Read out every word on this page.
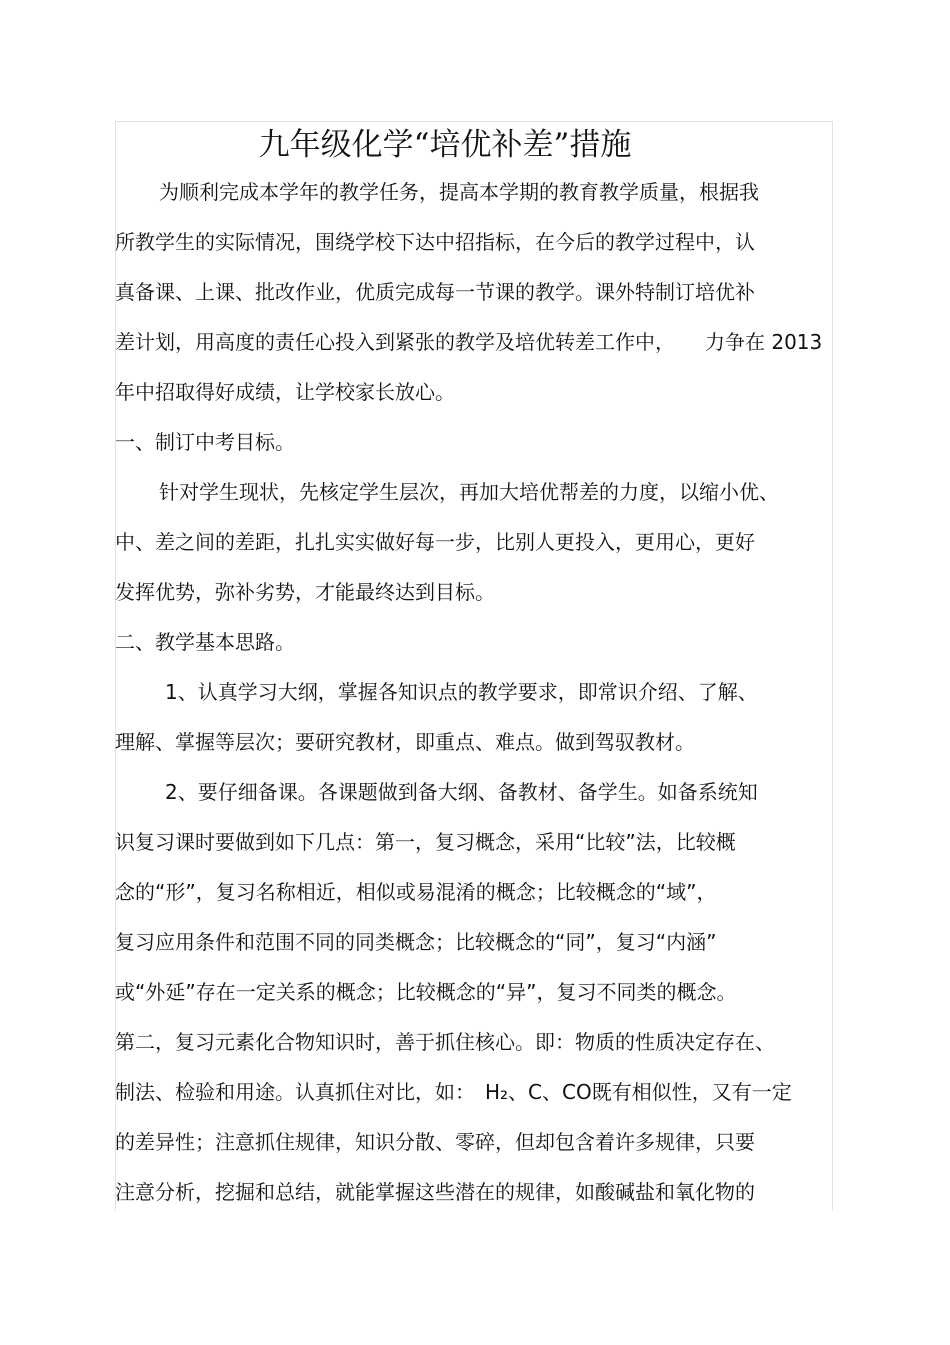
九年级化学“培优补差”措施
为顺利完成本学年的教学任务，提高本学期的教育教学质量，根据我
所教学生的实际情况，围绕学校下达中招指标，在今后的教学过程中，认
真备课、上课、批改作业，优质完成每一节课的教学。课外特制订培优补
差计划，用高度的责任心投入到紧张的教学及培优转差工作中，　　力争在 2013
年中招取得好成绩，让学校家长放心。
一、制订中考目标。
针对学生现状，先核定学生层次，再加大培优帮差的力度，以缩小优、
中、差之间的差距，扎扎实实做好每一步，比别人更投入，更用心，更好
发挥优势，弥补劣势，才能最终达到目标。
二、教学基本思路。
1、认真学习大纲，掌握各知识点的教学要求，即常识介绍、了解、
理解、掌握等层次；要研究教材，即重点、难点。做到驾驭教材。
2、要仔细备课。各课题做到备大纲、备教材、备学生。如备系统知
识复习课时要做到如下几点：第一，复习概念，采用“比较”法，比较概
念的“形”，复习名称相近，相似或易混淆的概念；比较概念的“域”，
复习应用条件和范围不同的同类概念；比较概念的“同”，复习“内涵”
或“外延”存在一定关系的概念；比较概念的“异”，复习不同类的概念。
第二，复习元素化合物知识时，善于抓住核心。即：物质的性质决定存在、
制法、检验和用途。认真抓住对比，如：　H₂、C、CO既有相似性，又有一定
的差异性；注意抓住规律，知识分散、零碎，但却包含着许多规律，只要
注意分析，挖掘和总结，就能掌握这些潜在的规律，如酸碱盐和氧化物的
